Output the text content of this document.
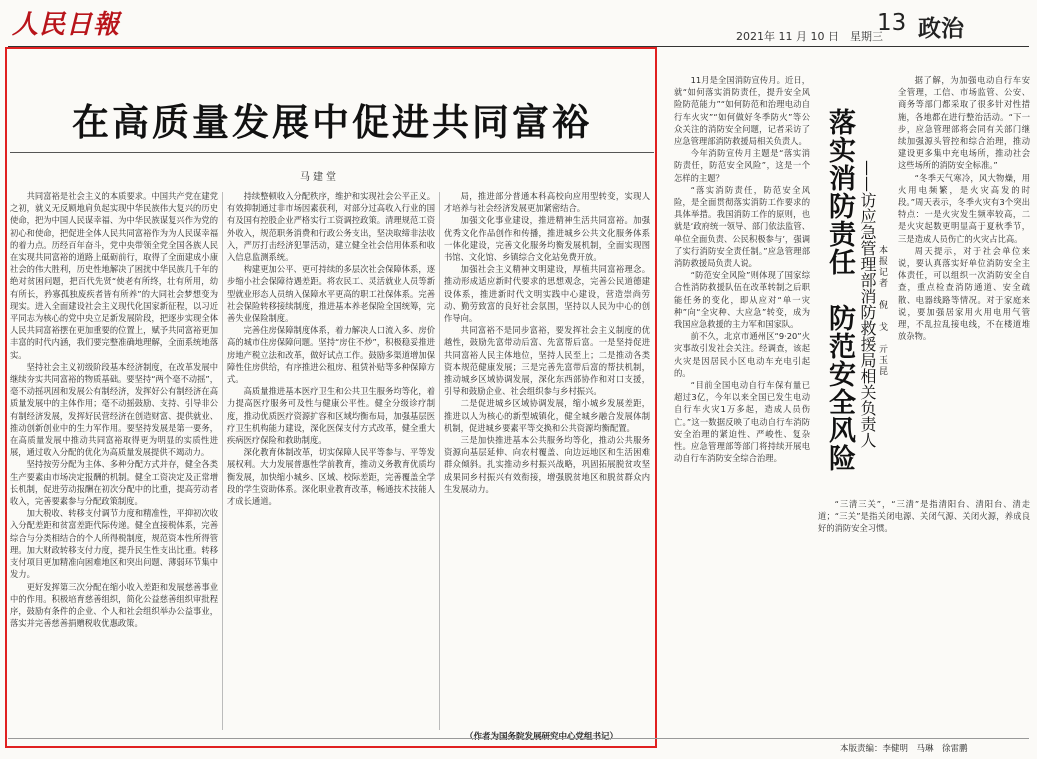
人民日報	2021年 11 月 10 日　星期三
13 政治
在高质量发展中促进共同富裕
马建堂

共同富裕是社会主义的本质要求。中国共产党在建党之初，就义无反顾地肩负起实现中华民族伟大复兴的历史使命，把为中国人民谋幸福、为中华民族谋复兴作为党的初心和使命，把促进全体人民共同富裕作为为人民谋幸福的着力点。历经百年奋斗，党中央带领全党全国各族人民在实现共同富裕的道路上砥砺前行，取得了全面建成小康社会的伟大胜利，历史性地解决了困扰中华民族几千年的绝对贫困问题，把百代先贤“使老有所终，壮有所用，幼有所长，矜寡孤独废疾者皆有所养”的大同社会梦想变为现实。进入全面建设社会主义现代化国家新征程，以习近平同志为核心的党中央立足新发展阶段，把逐步实现全体人民共同富裕摆在更加重要的位置上，赋予共同富裕更加丰富的时代内涵，我们要完整准确地理解，全面系统地落实。

坚持社会主义初级阶段基本经济制度，在改革发展中继续夯实共同富裕的物质基础。要坚持“两个毫不动摇”，毫不动摇巩固和发展公有制经济，发挥好公有制经济在高质量发展中的主体作用；毫不动摇鼓励、支持、引导非公有制经济发展，发挥好民营经济在创造财富、提供就业、推动创新创业中的生力军作用。要坚持发展是第一要务，在高质量发展中推动共同富裕取得更为明显的实质性进展，通过收入分配的优化为高质量发展提供不竭动力。

坚持按劳分配为主体、多种分配方式并存，健全各类生产要素由市场决定报酬的机制。健全工资决定及正常增长机制，促进劳动报酬在初次分配中的比重，提高劳动者收入，完善要素参与分配政策制度。

加大税收、转移支付调节力度和精准性，平抑初次收入分配差距和贫富差距代际传递。健全直接税体系，完善综合与分类相结合的个人所得税制度，规范资本性所得管理。加大财政转移支付力度，提升民生性支出比重。转移支付项目更加精准向困难地区和突出问题、薄弱环节集中发力。

更好发挥第三次分配在缩小收入差距和发展慈善事业中的作用。积极培育慈善组织，简化公益慈善组织审批程序，鼓励有条件的企业、个人和社会组织举办公益事业，落实并完善慈善捐赠税收优惠政策。

持续整顿收入分配秩序，维护和实现社会公平正义。有效抑制通过非市场因素获利，对部分过高收入行业的国有及国有控股企业严格实行工资调控政策。清理规范工资外收入，规范职务消费和行政公务支出，坚决取缔非法收入，严厉打击经济犯罪活动，建立健全社会信用体系和收入信息监测系统。

构建更加公平、更可持续的多层次社会保障体系，逐步缩小社会保障待遇差距。将农民工、灵活就业人员等新型就业形态人员纳入保障水平更高的职工社保体系。完善社会保险转移接续制度，推进基本养老保险全国统筹，完善失业保险制度。

完善住房保障制度体系，着力解决人口流入多、房价高的城市住房保障问题。坚持“房住不炒”，积极稳妥推进房地产税立法和改革，做好试点工作。鼓励多渠道增加保障性住房供给，有序推进公租房、租赁补贴等多种保障方式。

高质量推进基本医疗卫生和公共卫生服务均等化，着力提高医疗服务可及性与健康公平性。健全分级诊疗制度，推动优质医疗资源扩容和区域均衡布局，加强基层医疗卫生机构能力建设，深化医保支付方式改革，健全重大疾病医疗保险和救助制度。

深化教育体制改革，切实保障人民平等参与、平等发展权利。大力发展普惠性学前教育，推动义务教育优质均衡发展，加快缩小城乡、区域、校际差距，完善覆盖全学段的学生资助体系。深化职业教育改革，畅通技术技能人才成长通道。

局，推进部分普通本科高校向应用型转变，实现人才培养与社会经济发展更加紧密结合。

加强文化事业建设，推进精神生活共同富裕。加强优秀文化作品创作和传播，推进城乡公共文化服务体系一体化建设，完善文化服务均衡发展机制，全面实现图书馆、文化馆、乡镇综合文化站免费开放。

加强社会主义精神文明建设，厚植共同富裕理念。推动形成适应新时代要求的思想观念，完善公民道德建设体系，推进新时代文明实践中心建设，营造崇尚劳动、勤劳致富的良好社会氛围，坚持以人民为中心的创作导向。

共同富裕不是同步富裕，要发挥社会主义制度的优越性，鼓励先富带动后富、先富帮后富。一是坚持促进共同富裕人民主体地位，坚持人民至上；二是推动各类资本规范健康发展；三是完善先富带后富的帮扶机制，推动城乡区域协调发展，深化东西部协作和对口支援，引导和鼓励企业、社会组织参与乡村振兴。

二是促进城乡区域协调发展，缩小城乡发展差距，推进以人为核心的新型城镇化，健全城乡融合发展体制机制，促进城乡要素平等交换和公共资源均衡配置。

三是加快推进基本公共服务均等化，推动公共服务资源向基层延伸、向农村覆盖、向边远地区和生活困难群众倾斜。扎实推动乡村振兴战略，巩固拓展脱贫攻坚成果同乡村振兴有效衔接，增强脱贫地区和脱贫群众内生发展动力。

（作者为国务院发展研究中心党组书记）

11月是全国消防宣传月。近日，就“如何落实消防责任，提升安全风险防范能力”“如何防范和治理电动自行车火灾”“如何做好冬季防火”等公众关注的消防安全问题，记者采访了应急管理部消防救援局相关负责人。

今年消防宣传月主题是“落实消防责任，防范安全风险”，这是一个怎样的主题？

“落实消防责任，防范安全风险，是全面贯彻落实消防工作要求的具体举措。我国消防工作的原则，也就是‘政府统一领导、部门依法监管、单位全面负责、公民积极参与’，强调了实行消防安全责任制。”应急管理部消防救援局负责人说。

“防范安全风险”则体现了国家综合性消防救援队伍在改革转制之后职能任务的变化，即从应对“单一灾种”向“全灾种、大应急”转变，成为我国应急救援的主力军和国家队。

前不久，北京市通州区“9·20”火灾事故引发社会关注。经调查，该起火灾是因居民小区电动车充电引起的。

“目前全国电动自行车保有量已超过3亿，今年以来全国已发生电动自行车火灾1万多起，造成人员伤亡。”这一数据反映了电动自行车消防安全治理的紧迫性、严峻性、复杂性。应急管理部等部门将持续开展电动自行车消防安全综合治理。	落实消防责任　防范安全风险 ——访应急管理部消防救援局相关负责人 本报记者　倪　戈　亓玉昆

据了解，为加强电动自行车安全管理，工信、市场监管、公安、商务等部门都采取了很多针对性措施，各地都在进行整治活动。“下一步，应急管理部将会同有关部门继续加强源头管控和综合治理，推动建设更多集中充电场所，推动社会这些场所的消防安全标准。”

“冬季天气寒冷，风大物燥，用火用电频繁，是火灾高发的时段。”周天表示，冬季火灾有3个突出特点：一是火灾发生频率较高，二是火灾起数更明显高于夏秋季节，三是造成人员伤亡的火灾占比高。

周天提示，对于社会单位来说，要认真落实好单位消防安全主体责任，可以组织一次消防安全自查，重点检查消防通道、安全疏散、电器线路等情况。对于家庭来说，要加强居家用火用电用气管理，不乱拉乱接电线，不在楼道堆放杂物。

“三清三关”，“三清”是指清阳台、清阳台、清走道；“三关”是指关闭电源、关闭气源、关闭火源，养成良好的消防安全习惯。

本版责编：李健明　马琳　徐雷鹏
